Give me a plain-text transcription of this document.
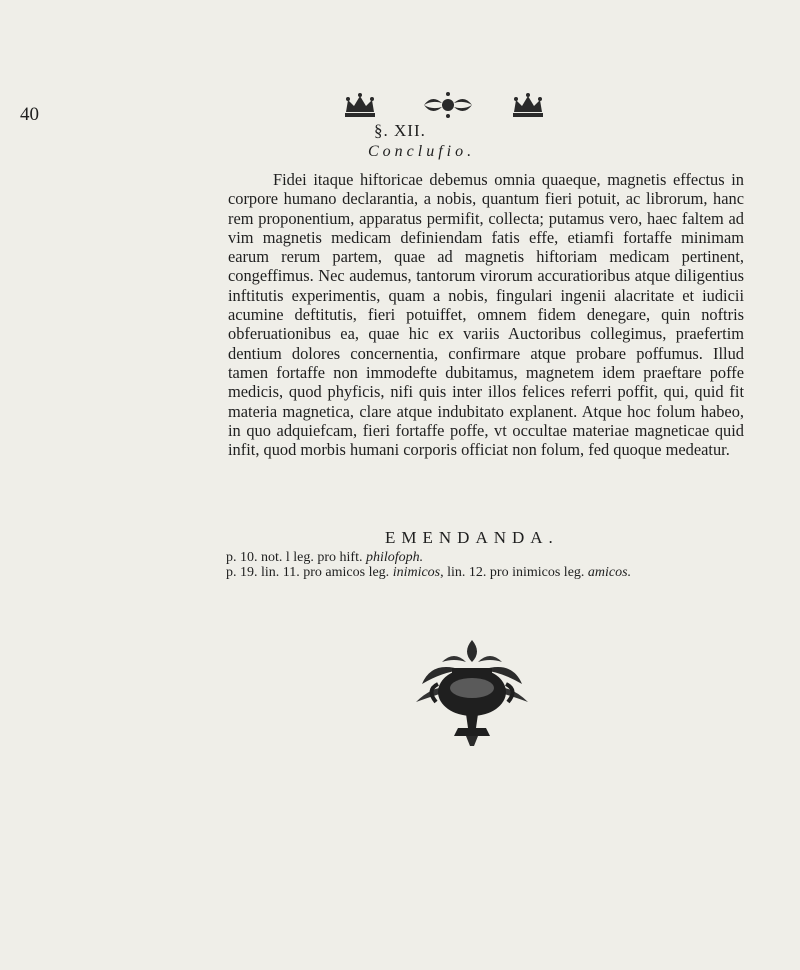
40
§. XII.
Conclufio.

Fidei itaque hiftoricae debemus omnia quaeque, magnetis effectus in corpore humano declarantia, a nobis, quantum fieri potuit, ac librorum, hanc rem proponentium, apparatus permifit, collecta; putamus vero, haec faltem ad vim magnetis medicam definiendam fatis effe, etiamfi fortaffe minimam earum rerum partem, quae ad magnetis hiftoriam medicam pertinent, congeffimus. Nec audemus, tantorum virorum accuratioribus atque diligentius inftitutis experimentis, quam a nobis, fingulari ingenii alacritate et iudicii acumine deftitutis, fieri potuiffet, omnem fidem denegare, quin noftris obferuationibus ea, quae hic ex variis Auctoribus collegimus, praefertim dentium dolores concernentia, confirmare atque probare poffumus. Illud tamen fortaffe non immodefte dubitamus, magnetem idem praeftare poffe medicis, quod phyficis, nifi quis inter illos felices referri poffit, qui, quid fit materia magnetica, clare atque indubitato explanent. Atque hoc folum habeo, in quo adquiefcam, fieri fortaffe poffe, vt occultae materiae magneticae quid infit, quod morbis humani corporis officiat non folum, fed quoque medeatur.

EMENDANDA.
p. 10. not. l leg. pro hift. philofoph.
p. 19. lin. 11. pro amicos leg. inimicos, lin. 12. pro inimicos leg. amicos.
